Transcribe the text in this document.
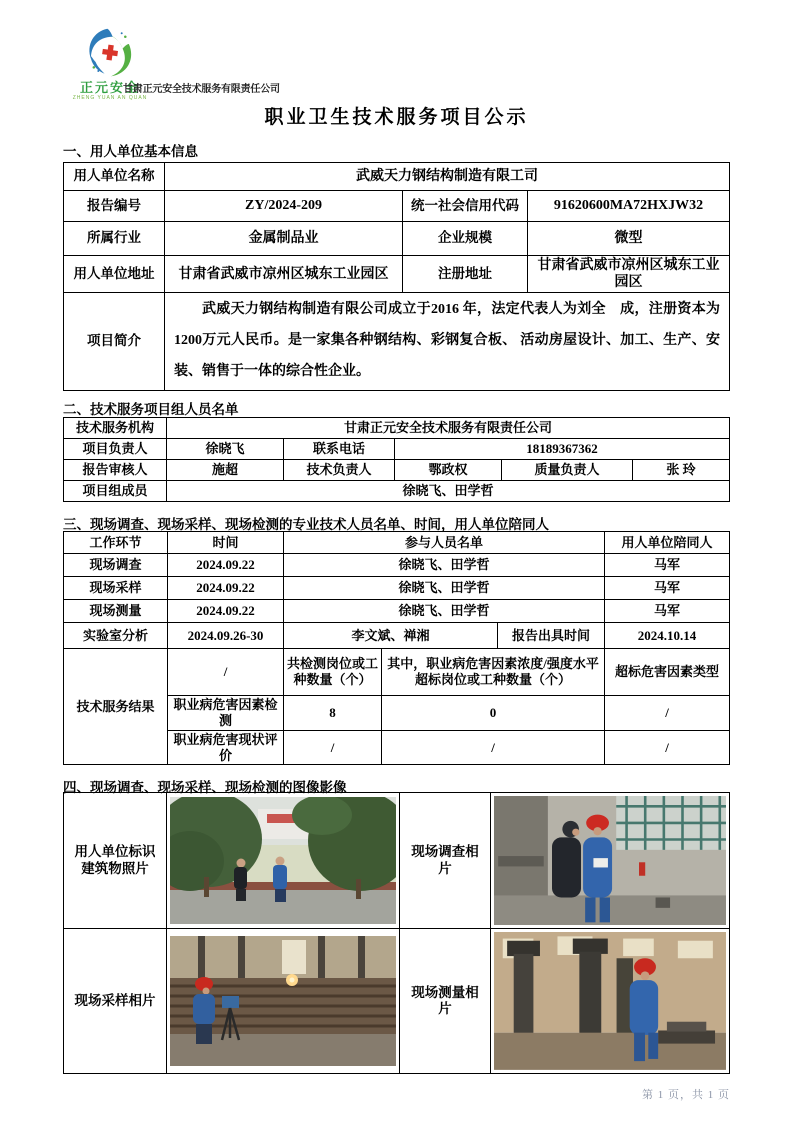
正元安全
ZHENG YUAN AN QUAN
甘肃正元安全技术服务有限责任公司
职业卫生技术服务项目公示
一、用人单位基本信息
用人单位名称	武威天力钢结构制造有限工司		
报告编号	ZY/2024-209	统一社会信用代码	91620600MA72HXJW32
所属行业	金属制品业	企业规模	微型
用人单位地址	甘肃省武威市凉州区城东工业园区	注册地址	甘肃省武威市凉州区城东工业园区
项目简介	武威天力钢结构制造有限公司成立于2016 年，法定代表人为刘全　成，注册资本为1200万元人民币。是一家集各种钢结构、彩钢复合板、 活动房屋设计、加工、生产、安装、销售于一体的综合性企业。		
二、技术服务项目组人员名单
技术服务机构	甘肃正元安全技术服务有限责任公司				
项目负责人	徐晓飞	联系电话	18189367362		
报告审核人	施超	技术负责人	鄂政权	质量负责人	张 玲
项目组成员	徐晓飞、田学哲				
三、现场调查、现场采样、现场检测的专业技术人员名单、时间，用人单位陪同人
工作环节	时间	参与人员名单			用人单位陪同人
现场调查	2024.09.22	徐晓飞、田学哲			马军
现场采样	2024.09.22	徐晓飞、田学哲			马军
现场测量	2024.09.22	徐晓飞、田学哲			马军
实验室分析	2024.09.26-30	李文斌、禅湘		报告出具时间	2024.10.14
技术服务结果	/	共检测岗位或工种数量（个）	其中，职业病危害因素浓度/强度水平超标岗位或工种数量（个）		超标危害因素类型
	职业病危害因素检测	8	0		/
	职业病危害现状评价	/	/		/
四、现场调查、现场采样、现场检测的图像影像
用人单位标识建筑物照片		现场调查相片	

现场采样相片		现场测量相片	
第 1 页，共 1 页
